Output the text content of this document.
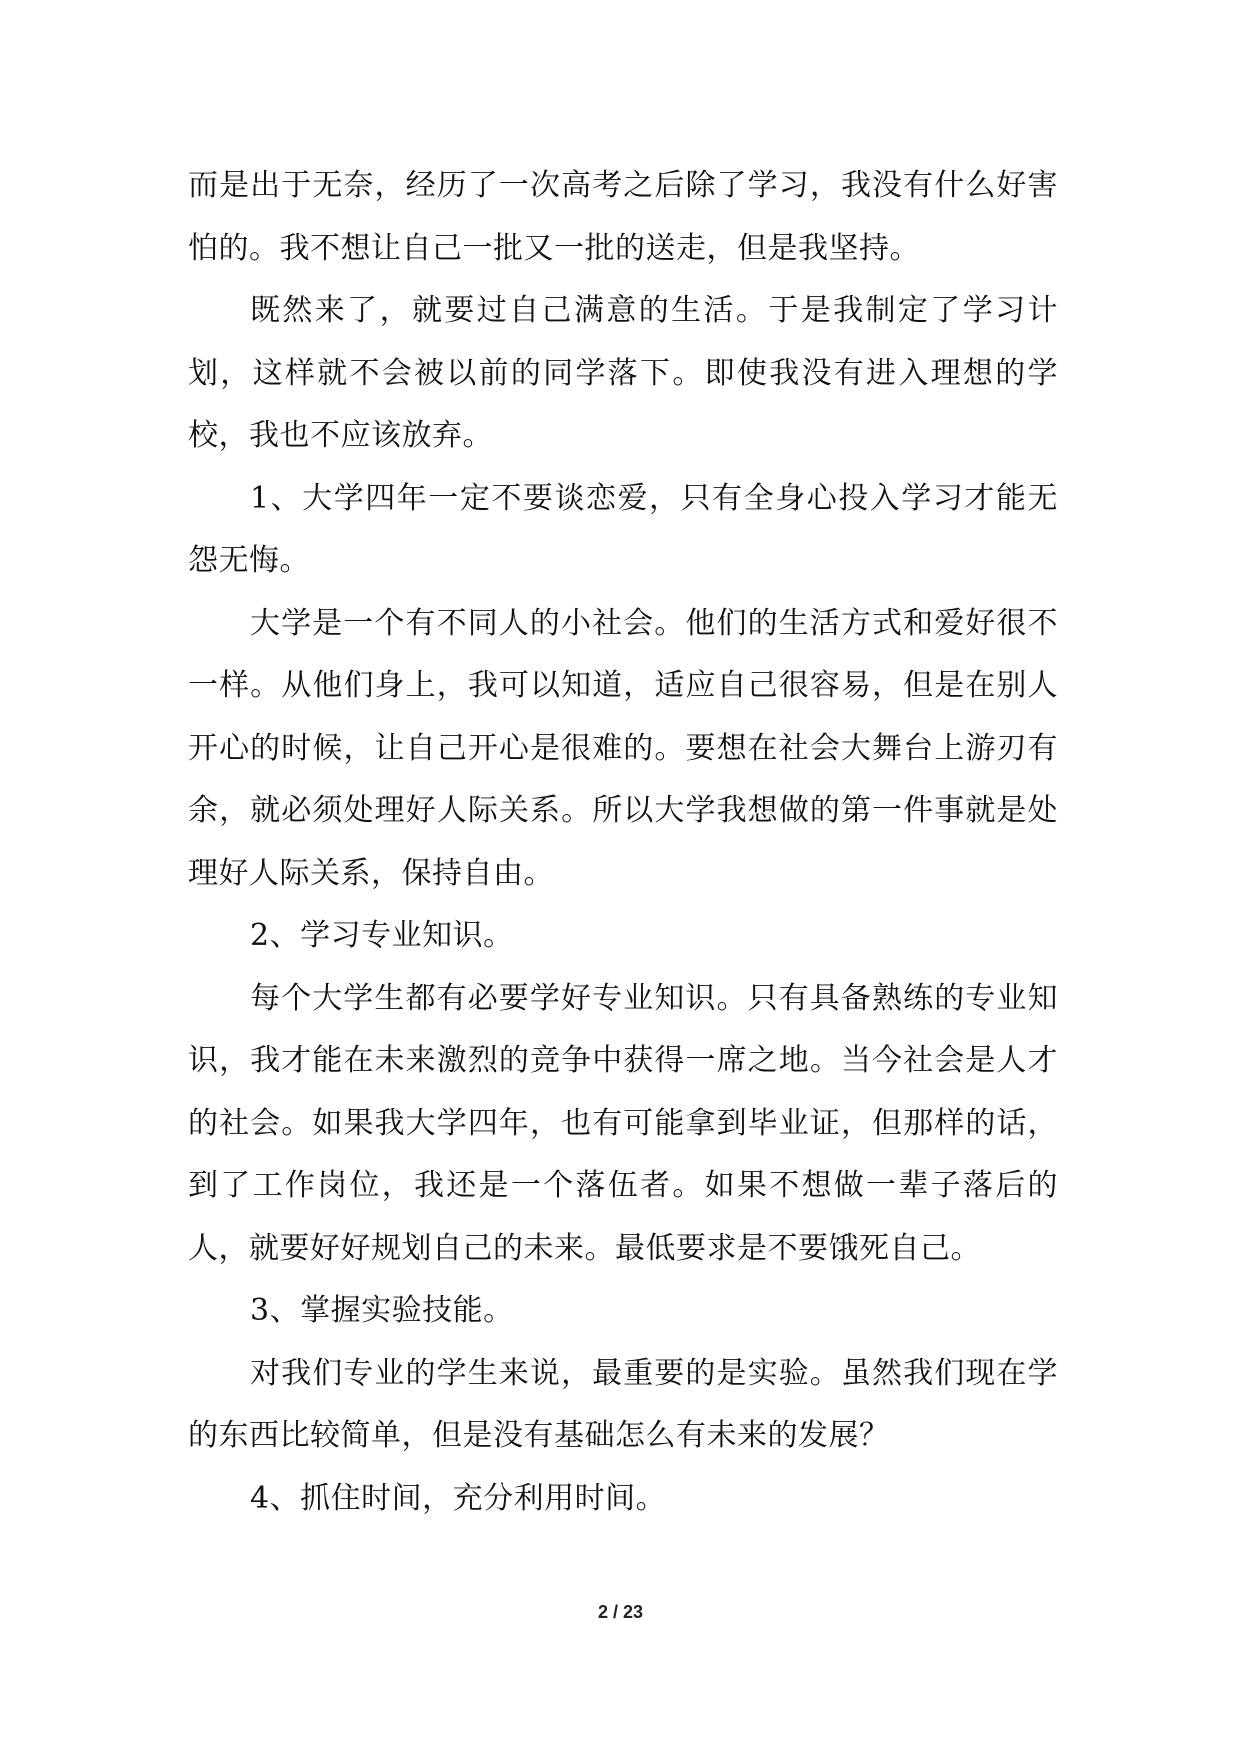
而是出于无奈，经历了一次高考之后除了学习，我没有什么好害怕的。我不想让自己一批又一批的送走，但是我坚持。

既然来了，就要过自己满意的生活。于是我制定了学习计划，这样就不会被以前的同学落下。即使我没有进入理想的学校，我也不应该放弃。

1、大学四年一定不要谈恋爱，只有全身心投入学习才能无怨无悔。

大学是一个有不同人的小社会。他们的生活方式和爱好很不一样。从他们身上，我可以知道，适应自己很容易，但是在别人开心的时候，让自己开心是很难的。要想在社会大舞台上游刃有余，就必须处理好人际关系。所以大学我想做的第一件事就是处理好人际关系，保持自由。

2、学习专业知识。

每个大学生都有必要学好专业知识。只有具备熟练的专业知识，我才能在未来激烈的竞争中获得一席之地。当今社会是人才的社会。如果我大学四年，也有可能拿到毕业证，但那样的话，到了工作岗位，我还是一个落伍者。如果不想做一辈子落后的人，就要好好规划自己的未来。最低要求是不要饿死自己。

3、掌握实验技能。

对我们专业的学生来说，最重要的是实验。虽然我们现在学的东西比较简单，但是没有基础怎么有未来的发展？

4、抓住时间，充分利用时间。

2 / 23
